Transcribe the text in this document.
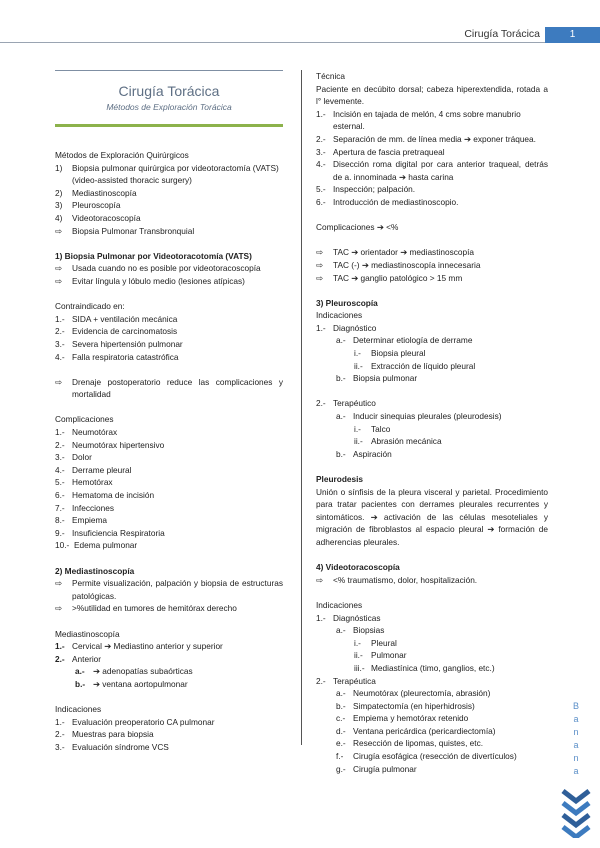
Cirugía Torácica	1
Cirugía Torácica
Métodos de Exploración Torácica
Métodos de Exploración Quirúrgicos
1)	Biopsia pulmonar quirúrgica por videotoractomía (VATS) (video-assisted thoracic surgery)
2)	Mediastinoscopía
3)	Pleuroscopía
4)	Videotoracoscopía
⇨	Biopsia Pulmonar Transbronquial
1) Biopsia Pulmonar por Videotoracotomía (VATS)
⇨	Usada cuando no es posible por videotoracoscopía
⇨	Evitar língula y lóbulo medio (lesiones atípicas)
Contraindicado en:
1.- SIDA + ventilación mecánica
2.- Evidencia de carcinomatosis
3.- Severa hipertensión pulmonar
4.- Falla respiratoria catastrófica
⇨	Drenaje postoperatorio reduce las complicaciones y mortalidad
Complicaciones
1.- Neumotórax
2.- Neumotórax hipertensivo
3.- Dolor
4.- Derrame pleural
5.- Hemotórax
6.- Hematoma de incisión
7.- Infecciones
8.- Empiema
9.- Insuficiencia Respiratoria
10.- Edema pulmonar
2) Mediastinoscopía
⇨	Permite visualización, palpación y biopsia de estructuras patológicas.
⇨	>%utilidad en tumores de hemitórax derecho
Mediastinoscopía
1.- Cervical ➔ Mediastino anterior y superior
2.- Anterior
a.-	➔ adenopatías subaórticas
b.- ➔ ventana aortopulmonar
Indicaciones
1.- Evaluación preoperatorio CA pulmonar
2.- Muestras para biopsia
3.- Evaluación síndrome VCS
Técnica
Paciente en decúbito dorsal; cabeza hiperextendida, rotada a l° levemente.
1.- Incisión en tajada de melón, 4 cms sobre manubrio esternal.
2.- Separación de mm. de línea media ➔ exponer tráquea.
3.- Apertura de fascia pretraqueal
4.- Disección roma digital por cara anterior traqueal, detrás de a. innominada ➔ hasta carina
5.- Inspección; palpación.
6.- Introducción de mediastinoscopio.
Complicaciones ➔ <%
⇨	TAC ➔ orientador ➔ mediastinoscopía
⇨	TAC (-) ➔ mediastinoscopía innecesaria
⇨	TAC ➔ ganglio patológico > 15 mm
3) Pleuroscopía
Indicaciones
1.- Diagnóstico
a.- Determinar etiología de derrame
i.-	Biopsia pleural
ii.- Extracción de líquido pleural
b.- Biopsia pulmonar
2.- Terapéutico
a.- Inducir sinequias pleurales (pleurodesis)
i.-	Talco
ii.- Abrasión mecánica
b.- Aspiración
Pleurodesis
Unión o sínfisis de la pleura visceral y parietal. Procedimiento para tratar pacientes con derrames pleurales recurrentes y sintomáticos. ➔ activación de las células mesoteliales y migración de fibroblastos al espacio pleural ➔ formación de adherencias pleurales.
4) Videotoracoscopía
⇨	<% traumatismo, dolor, hospitalización.
Indicaciones
1.- Diagnósticas
a.- Biopsias
i.-	Pleural
ii.- Pulmonar
iii.- Mediastínica (timo, ganglios, etc.)
2.- Terapéutica
a.- Neumotórax (pleurectomía, abrasión)
b.- Simpatectomía (en hiperhidrosis)
c.- Empiema y hemotórax retenido
d.- Ventana pericárdica (pericardiectomía)
e.- Resección de lipomas, quistes, etc.
f.-	Cirugía esofágica (resección de divertículos)
g.- Cirugía pulmonar
B
a
n
a
n
a
